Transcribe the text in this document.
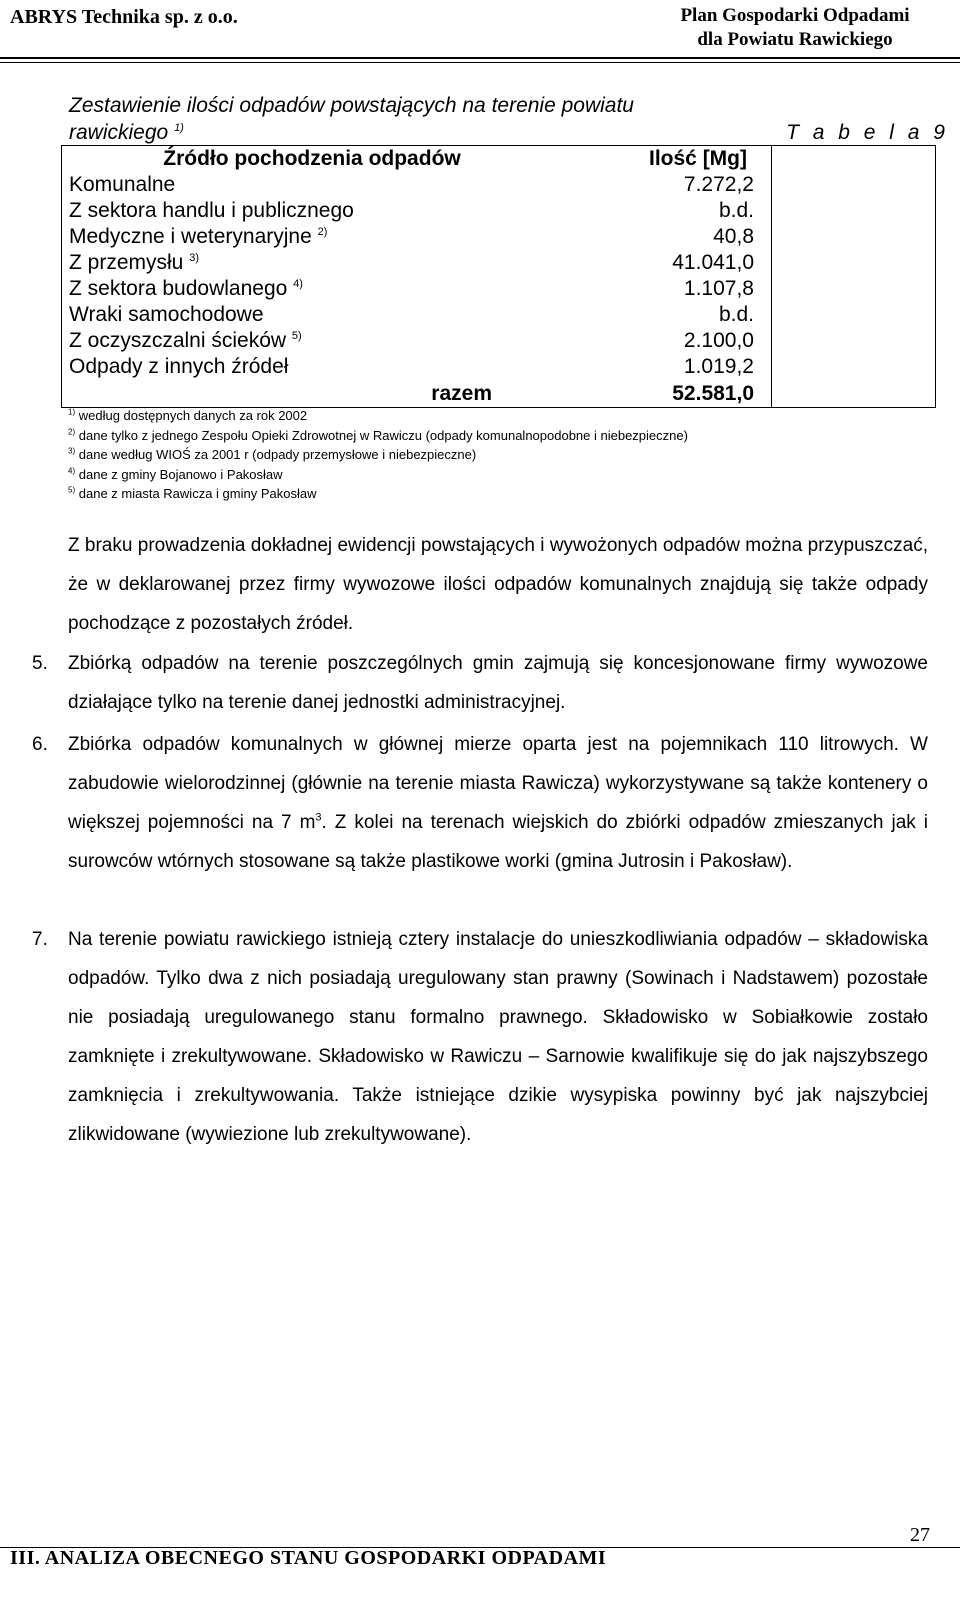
ABRYS Technika sp. z o.o.	Plan Gospodarki Odpadami
dla Powiatu Rawickiego
Zestawienie ilości odpadów powstających na terenie powiatu
rawickiego $^{1)}$	T a b e l a 9
Źródło pochodzenia odpadów	Ilość [Mg]
Komunalne	7.272,2
Z sektora handlu i publicznego	b.d.
Medyczne i weterynaryjne $^{2)}$	40,8
Z przemysłu $^{3)}$	41.041,0
Z sektora budowlanego $^{4)}$	1.107,8
Wraki samochodowe	b.d.
Z oczyszczalni ścieków $^{5)}$	2.100,0
Odpady z innych źródeł	1.019,2
razem	52.581,0
$^{1)}$ według dostępnych danych za rok 2002
$^{2)}$ dane tylko z jednego Zespołu Opieki Zdrowotnej w Rawiczu (odpady komunalnopodobne i niebezpieczne)
$^{3)}$ dane według WIOŚ za 2001 r (odpady przemysłowe i niebezpieczne)
$^{4)}$ dane z gminy Bojanowo i Pakosław
$^{5)}$ dane z miasta Rawicza i gminy Pakosław
Z braku prowadzenia dokładnej ewidencji powstających i wywożonych odpadów można przypuszczać, że w deklarowanej przez firmy wywozowe ilości odpadów komunalnych znajdują się także odpady pochodzące z pozostałych źródeł.
5. Zbiórką odpadów na terenie poszczególnych gmin zajmują się koncesjonowane firmy wywozowe działające tylko na terenie danej jednostki administracyjnej.
6. Zbiórka odpadów komunalnych w głównej mierze oparta jest na pojemnikach 110 litrowych. W zabudowie wielorodzinnej (głównie na terenie miasta Rawicza) wykorzystywane są także kontenery o większej pojemności na 7 $m^3$. Z kolei na terenach wiejskich do zbiórki odpadów zmieszanych jak i surowców wtórnych stosowane są także plastikowe worki (gmina Jutrosin i Pakosław).
7. Na terenie powiatu rawickiego istnieją cztery instalacje do unieszkodliwiania odpadów – składowiska odpadów. Tylko dwa z nich posiadają uregulowany stan prawny (Sowinach i Nadstawem) pozostałe nie posiadają uregulowanego stanu formalno prawnego. Składowisko w Sobiałkowie zostało zamknięte i zrekultywowane. Składowisko w Rawiczu – Sarnowie kwalifikuje się do jak najszybszego zamknięcia i zrekultywowania. Także istniejące dzikie wysypiska powinny być jak najszybciej zlikwidowane (wywiezione lub zrekultywowane).
27
III. ANALIZA OBECNEGO STANU GOSPODARKI ODPADAMI
